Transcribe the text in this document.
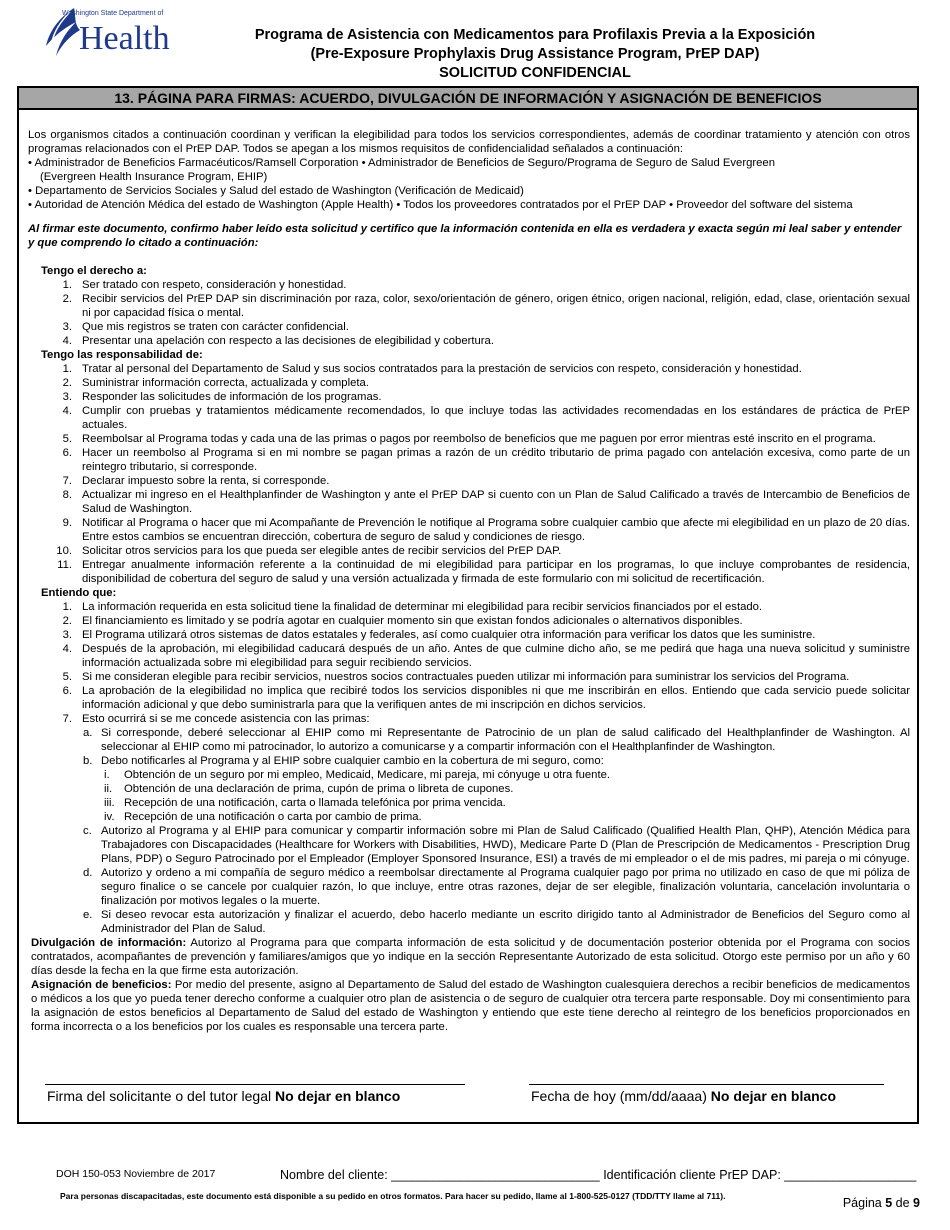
Washington State Department of
Health	Programa de Asistencia con Medicamentos para Profilaxis Previa a la Exposición
(Pre-Exposure Prophylaxis Drug Assistance Program, PrEP DAP)
SOLICITUD CONFIDENCIAL
13. PÁGINA PARA FIRMAS: ACUERDO, DIVULGACIÓN DE INFORMACIÓN Y ASIGNACIÓN DE BENEFICIOS

Los organismos citados a continuación coordinan y verifican la elegibilidad para todos los servicios correspondientes, además de coordinar tratamiento y atención con otros programas relacionados con el PrEP DAP. Todos se apegan a los mismos requisitos de confidencialidad señalados a continuación:

• Administrador de Beneficios Farmacéuticos/Ramsell Corporation • Administrador de Beneficios de Seguro/Programa de Seguro de Salud Evergreen
(Evergreen Health Insurance Program, EHIP)
• Departamento de Servicios Sociales y Salud del estado de Washington (Verificación de Medicaid)
• Autoridad de Atención Médica del estado de Washington (Apple Health) • Todos los proveedores contratados por el PrEP DAP • Proveedor del software del sistema

Al firmar este documento, confirmo haber leído esta solicitud y certifico que la información contenida en ella es verdadera y exacta según mi leal saber y entender y que comprendo lo citado a continuación:

Tengo el derecho a:

1. Ser tratado con respeto, consideración y honestidad.
2. Recibir servicios del PrEP DAP sin discriminación por raza, color, sexo/orientación de género, origen étnico, origen nacional, religión, edad, clase, orientación sexual ni por capacidad física o mental.
3. Que mis registros se traten con carácter confidencial.
4. Presentar una apelación con respecto a las decisiones de elegibilidad y cobertura.

Tengo las responsabilidad de:

1. Tratar al personal del Departamento de Salud y sus socios contratados para la prestación de servicios con respeto, consideración y honestidad.
2. Suministrar información correcta, actualizada y completa.
3. Responder las solicitudes de información de los programas.
4. Cumplir con pruebas y tratamientos médicamente recomendados, lo que incluye todas las actividades recomendadas en los estándares de práctica de PrEP actuales.
5. Reembolsar al Programa todas y cada una de las primas o pagos por reembolso de beneficios que me paguen por error mientras esté inscrito en el programa.
6. Hacer un reembolso al Programa si en mi nombre se pagan primas a razón de un crédito tributario de prima pagado con antelación excesiva, como parte de un reintegro tributario, si corresponde.
7. Declarar impuesto sobre la renta, si corresponde.
8. Actualizar mi ingreso en el Healthplanfinder de Washington y ante el PrEP DAP si cuento con un Plan de Salud Calificado a través de Intercambio de Beneficios de Salud de Washington.
9. Notificar al Programa o hacer que mi Acompañante de Prevención le notifique al Programa sobre cualquier cambio que afecte mi elegibilidad en un plazo de 20 días. Entre estos cambios se encuentran dirección, cobertura de seguro de salud y condiciones de riesgo.
10. Solicitar otros servicios para los que pueda ser elegible antes de recibir servicios del PrEP DAP.
11. Entregar anualmente información referente a la continuidad de mi elegibilidad para participar en los programas, lo que incluye comprobantes de residencia, disponibilidad de cobertura del seguro de salud y una versión actualizada y firmada de este formulario con mi solicitud de recertificación.

Entiendo que:

1. La información requerida en esta solicitud tiene la finalidad de determinar mi elegibilidad para recibir servicios financiados por el estado.
2. El financiamiento es limitado y se podría agotar en cualquier momento sin que existan fondos adicionales o alternativos disponibles.
3. El Programa utilizará otros sistemas de datos estatales y federales, así como cualquier otra información para verificar los datos que les suministre.
4. Después de la aprobación, mi elegibilidad caducará después de un año. Antes de que culmine dicho año, se me pedirá que haga una nueva solicitud y suministre información actualizada sobre mi elegibilidad para seguir recibiendo servicios.
5. Si me consideran elegible para recibir servicios, nuestros socios contractuales pueden utilizar mi información para suministrar los servicios del Programa.
6. La aprobación de la elegibilidad no implica que recibiré todos los servicios disponibles ni que me inscribirán en ellos. Entiendo que cada servicio puede solicitar información adicional y que debo suministrarla para que la verifiquen antes de mi inscripción en dichos servicios.
7. Esto ocurrirá si se me concede asistencia con las primas:
a. Si corresponde, deberé seleccionar al EHIP como mi Representante de Patrocinio de un plan de salud calificado del Healthplanfinder de Washington. Al seleccionar al EHIP como mi patrocinador, lo autorizo a comunicarse y a compartir información con el Healthplanfinder de Washington.
b. Debo notificarles al Programa y al EHIP sobre cualquier cambio en la cobertura de mi seguro, como:
i. Obtención de un seguro por mi empleo, Medicaid, Medicare, mi pareja, mi cónyuge u otra fuente.
ii. Obtención de una declaración de prima, cupón de prima o libreta de cupones.
iii. Recepción de una notificación, carta o llamada telefónica por prima vencida.
iv. Recepción de una notificación o carta por cambio de prima.
c. Autorizo al Programa y al EHIP para comunicar y compartir información sobre mi Plan de Salud Calificado (Qualified Health Plan, QHP), Atención Médica para Trabajadores con Discapacidades (Healthcare for Workers with Disabilities, HWD), Medicare Parte D (Plan de Prescripción de Medicamentos - Prescription Drug Plans, PDP) o Seguro Patrocinado por el Empleador (Employer Sponsored Insurance, ESI) a través de mi empleador o el de mis padres, mi pareja o mi cónyuge.
d. Autorizo y ordeno a mi compañía de seguro médico a reembolsar directamente al Programa cualquier pago por prima no utilizado en caso de que mi póliza de seguro finalice o se cancele por cualquier razón, lo que incluye, entre otras razones, dejar de ser elegible, finalización voluntaria, cancelación involuntaria o finalización por motivos legales o la muerte.
e. Si deseo revocar esta autorización y finalizar el acuerdo, debo hacerlo mediante un escrito dirigido tanto al Administrador de Beneficios del Seguro como al Administrador del Plan de Salud.

Divulgación de información: Autorizo al Programa para que comparta información de esta solicitud y de documentación posterior obtenida por el Programa con socios contratados, acompañantes de prevención y familiares/amigos que yo indique en la sección Representante Autorizado de esta solicitud. Otorgo este permiso por un año y 60 días desde la fecha en la que firme esta autorización.

Asignación de beneficios: Por medio del presente, asigno al Departamento de Salud del estado de Washington cualesquiera derechos a recibir beneficios de medicamentos o médicos a los que yo pueda tener derecho conforme a cualquier otro plan de asistencia o de seguro de cualquier otra tercera parte responsable. Doy mi consentimiento para la asignación de estos beneficios al Departamento de Salud del estado de Washington y entiendo que este tiene derecho al reintegro de los beneficios proporcionados en forma incorrecta o a los beneficios por los cuales es responsable una tercera parte.

Firma del solicitante o del tutor legal No dejar en blanco	Fecha de hoy (mm/dd/aaaa) No dejar en blanco
DOH 150-053 Noviembre de 2017	Nombre del cliente: ______________________________ Identificación cliente PrEP DAP: ___________________
Para personas discapacitadas, este documento está disponible a su pedido en otros formatos. Para hacer su pedido, llame al 1-800-525-0127 (TDD/TTY llame al 711).	Página 5 de 9
